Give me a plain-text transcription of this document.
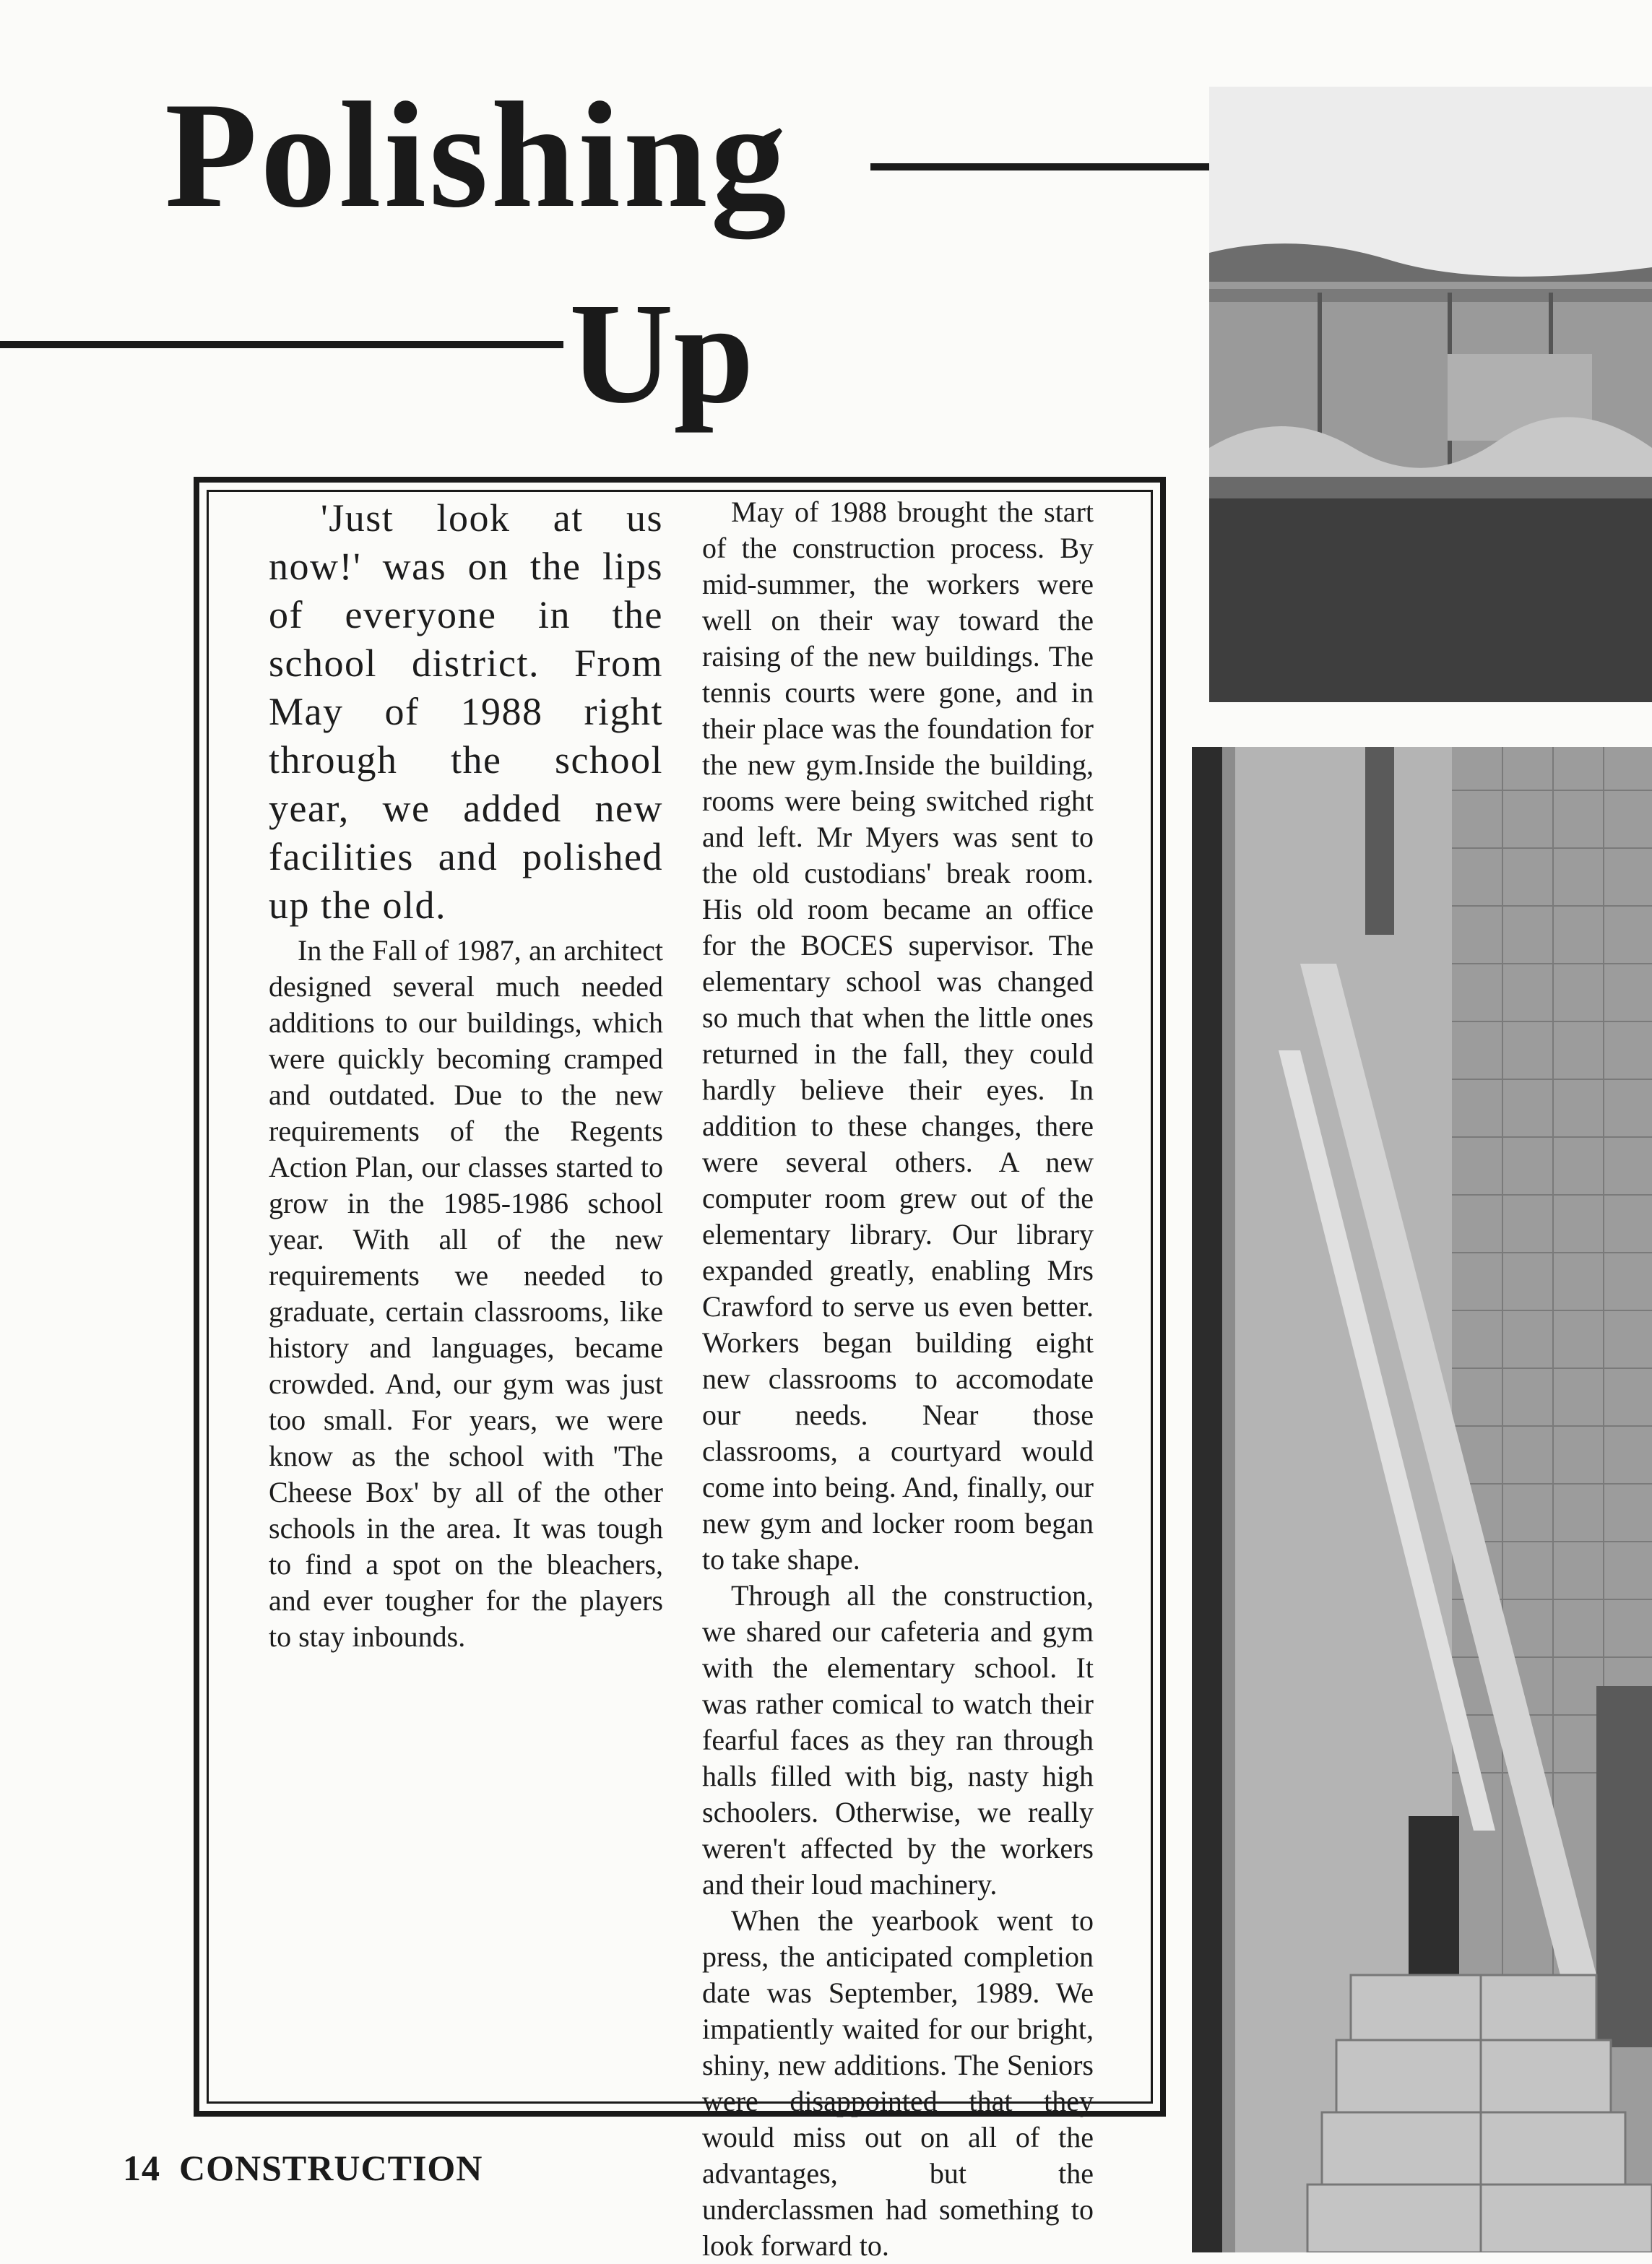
Polishing
Up

'Just look at us now!' was on the lips of everyone in the school district. From May of 1988 right through the school year, we added new facilities and polished up the old.

In the Fall of 1987, an architect designed several much needed additions to our buildings, which were quickly becoming cramped and outdated. Due to the new requirements of the Regents Action Plan, our classes started to grow in the 1985-1986 school year. With all of the new requirements we needed to graduate, certain classrooms, like history and languages, became crowded. And, our gym was just too small. For years, we were know as the school with 'The Cheese Box' by all of the other schools in the area. It was tough to find a spot on the bleachers, and ever tougher for the players to stay inbounds.

May of 1988 brought the start of the construction process. By mid-summer, the workers were well on their way toward the raising of the new buildings. The tennis courts were gone, and in their place was the foundation for the new gym.Inside the building, rooms were being switched right and left. Mr Myers was sent to the old custodians' break room. His old room became an office for the BOCES supervisor. The elementary school was changed so much that when the little ones returned in the fall, they could hardly believe their eyes. In addition to these changes, there were several others. A new computer room grew out of the elementary library. Our library expanded greatly, enabling Mrs Crawford to serve us even better. Workers began building eight new classrooms to accomodate our needs. Near those classrooms, a courtyard would come into being. And, finally, our new gym and locker room began to take shape.

Through all the construction, we shared our cafeteria and gym with the elementary school. It was rather comical to watch their fearful faces as they ran through halls filled with big, nasty high schoolers. Otherwise, we really weren't affected by the workers and their loud machinery.

When the yearbook went to press, the anticipated completion date was September, 1989. We impatiently waited for our bright, shiny, new additions. The Seniors were disappointed that they would miss out on all of the advantages, but the underclassmen had something to look forward to.

14 CONSTRUCTION
